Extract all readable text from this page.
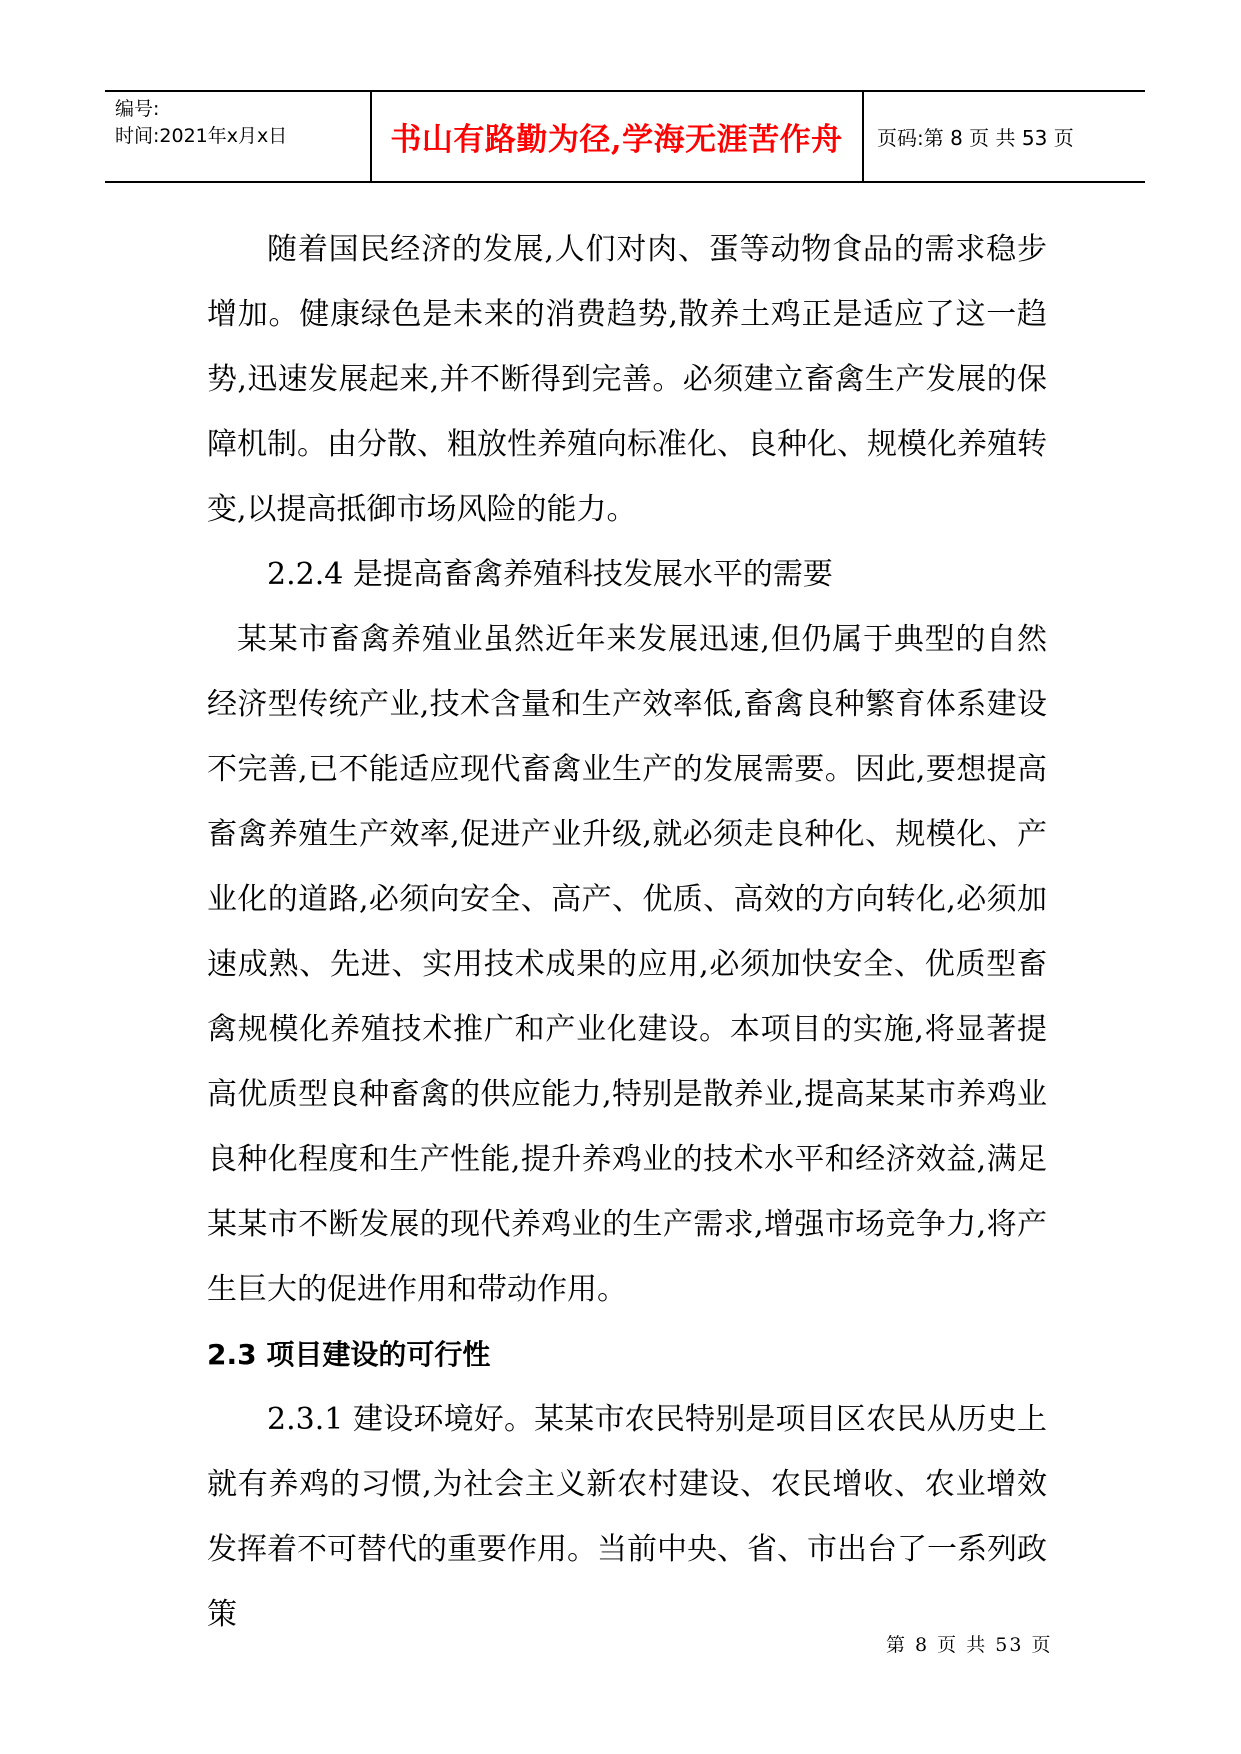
编号:
时间:2021年x月x日	书山有路勤为径,学海无涯苦作舟	页码:第 8 页 共 53 页

随着国民经济的发展,人们对肉、蛋等动物食品的需求稳步增加。健康绿色是未来的消费趋势,散养土鸡正是适应了这一趋势,迅速发展起来,并不断得到完善。必须建立畜禽生产发展的保障机制。由分散、粗放性养殖向标准化、良种化、规模化养殖转变,以提高抵御市场风险的能力。

2.2.4 是提高畜禽养殖科技发展水平的需要

某某市畜禽养殖业虽然近年来发展迅速,但仍属于典型的自然经济型传统产业,技术含量和生产效率低,畜禽良种繁育体系建设不完善,已不能适应现代畜禽业生产的发展需要。因此,要想提高畜禽养殖生产效率,促进产业升级,就必须走良种化、规模化、产业化的道路,必须向安全、高产、优质、高效的方向转化,必须加速成熟、先进、实用技术成果的应用,必须加快安全、优质型畜禽规模化养殖技术推广和产业化建设。本项目的实施,将显著提高优质型良种畜禽的供应能力,特别是散养业,提高某某市养鸡业良种化程度和生产性能,提升养鸡业的技术水平和经济效益,满足某某市不断发展的现代养鸡业的生产需求,增强市场竞争力,将产生巨大的促进作用和带动作用。

2.3 项目建设的可行性

2.3.1 建设环境好。某某市农民特别是项目区农民从历史上就有养鸡的习惯,为社会主义新农村建设、农民增收、农业增效发挥着不可替代的重要作用。当前中央、省、市出台了一系列政策

第 8 页 共 53 页
